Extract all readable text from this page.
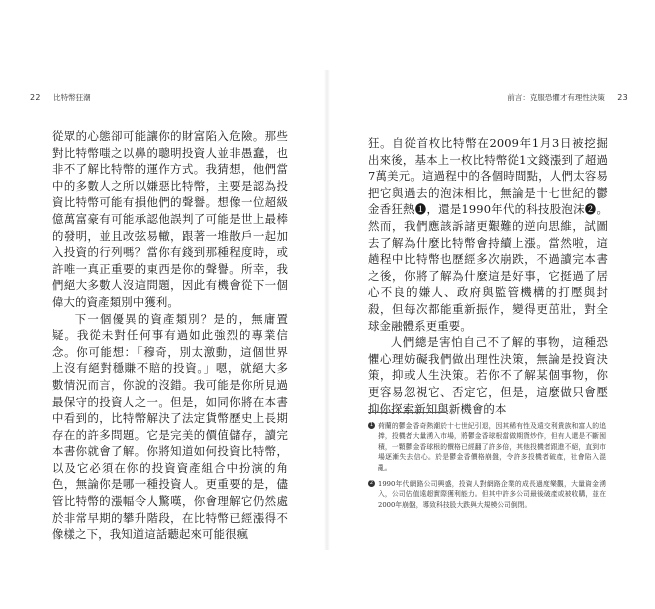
22 比特幣狂潮

從眾的心態卻可能讓你的財富陷入危險。那些對比特幣嗤之以鼻的聰明投資人並非愚蠢，也非不了解比特幣的運作方式。我猜想，他們當中的多數人之所以嫌惡比特幣，主要是認為投資比特幣可能有損他們的聲譽。想像一位超級億萬富豪有可能承認他誤判了可能是世上最棒的發明，並且改弦易轍，跟著一堆散戶一起加入投資的行列嗎？當你有錢到那種程度時，或許唯一真正重要的東西是你的聲譽。所幸，我們絕大多數人沒這問題，因此有機會從下一個偉大的資產類別中獲利。

下一個優異的資產類別？是的，無庸置疑。我從未對任何事有過如此強烈的專業信念。你可能想：「穆奇，別太激動，這個世界上沒有絕對穩賺不賠的投資。」嗯，就絕大多數情況而言，你說的沒錯。我可能是你所見過最保守的投資人之一。但是，如同你將在本書中看到的，比特幣解決了法定貨幣歷史上長期存在的許多問題。它是完美的價值儲存，讀完本書你就會了解。你將知道如何投資比特幣，以及它必須在你的投資資產組合中扮演的角色，無論你是哪一種投資人。更重要的是，儘管比特幣的漲幅令人驚嘆，你會理解它仍然處於非常早期的攀升階段，在比特幣已經漲得不像樣之下，我知道這話聽起來可能很瘋

前言：克服恐懼才有理性決策 23

狂。自從首枚比特幣在2009年1月3日被挖掘出來後，基本上一枚比特幣從1文錢漲到了超過7萬美元。這過程中的各個時間點，人們太容易把它與過去的泡沫相比，無論是十七世紀的鬱金香狂熱❶，還是1990年代的科技股泡沫❷。然而，我們應該訴諸更艱難的逆向思維，試圖去了解為什麼比特幣會持續上漲。當然啦，這趟程中比特幣也歷經多次崩跌，不過讀完本書之後，你將了解為什麼這是好事，它挺過了居心不良的嫌人、政府與監管機構的打壓與封殺，但每次都能重新振作，變得更茁壯，對全球金融體系更重要。

人們總是害怕自己不了解的事物，這種恐懼心理妨礙我們做出理性決策，無論是投資決策，抑或人生決策。若你不了解某個事物，你更容易忽視它、否定它，但是，這麼做只會壓抑你探索新知與新機會的本

1 荷蘭的鬱金香奇熱潮於十七世紀引退，因其稀有性及遠交利貴族和富人的追捧，投機者大量湧入市場，將鬱金香球根當做期貨炒作，但有人還是不斷囤積，一顆鬱金香球根的價格已經翻了許多倍，其他投機者跟進不絕，直到市場逐漸失去信心。於是鬱金香價格崩盤，令許多投機者破產，社會陷入混亂。

2 1990年代網路公司興盛，投資人對網路企業的成長過度樂觀，大量資金湧入，公司估值遠超實際獲利能力。但其中許多公司最後破產或被收購，並在2000年崩盤，導致科技股大跌與大規模公司倒閉。
